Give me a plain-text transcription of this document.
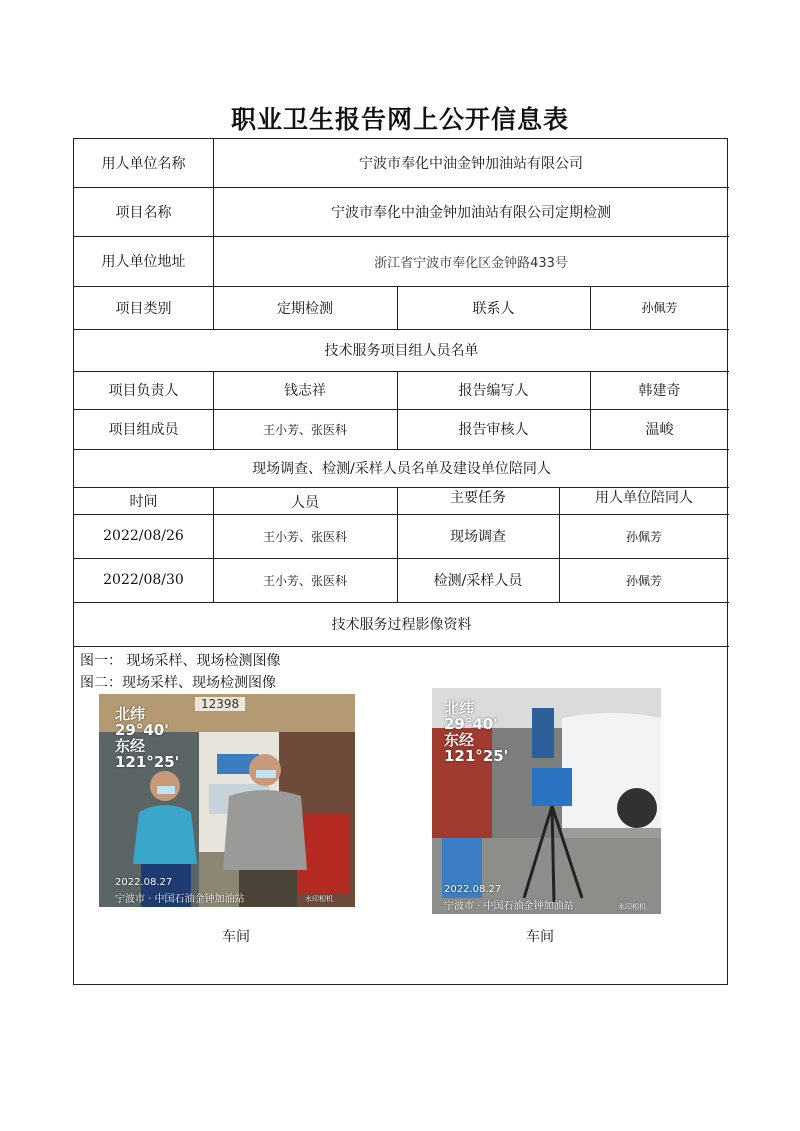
职业卫生报告网上公开信息表
用人单位名称	宁波市奉化中油金钟加油站有限公司
项目名称	宁波市奉化中油金钟加油站有限公司定期检测
用人单位地址	浙江省宁波市奉化区金钟路433号
项目类别	定期检测	联系人	孙佩芳
技术服务项目组人员名单
项目负责人	钱志祥	报告编写人	韩建奇
项目组成员	王小芳、张医科	报告审核人	温峻
现场调查、检测/采样人员名单及建设单位陪同人
时间	人员	主要任务	用人单位陪同人
2022/08/26	王小芳、张医科	现场调查	孙佩芳
2022/08/30	王小芳、张医科	检测/采样人员	孙佩芳
技术服务过程影像资料
图一： 现场采样、现场检测图像
图二：现场采样、现场检测图像
12398
北纬
29°40'
东经
121°25'
2022.08.27
宁波市 · 中国石油金钟加油站	水印相机
车间
北纬
29°40'
东经
121°25'
2022.08.27
宁波市 · 中国石油金钟加油站	水印相机
车间
